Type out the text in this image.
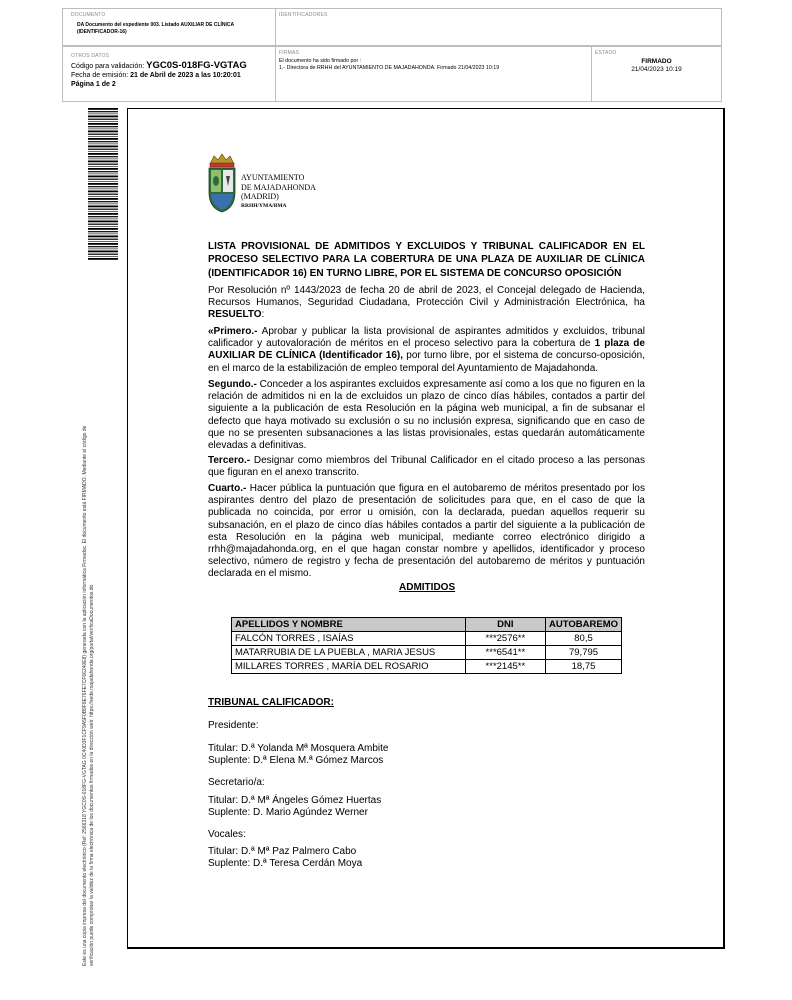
DOCUMENTO
DA Documento del expediente 003. Listado AUXILIAR DE CLÍNICA
(IDENTIFICADOR-16)
IDENTIFICADORES
OTROS DATOS
Código para validación: YGC0S-018FG-VGTAG
Fecha de emisión: 21 de Abril de 2023 a las 10:20:01
Página 1 de 2
FIRMAS
El documento ha sido firmado por :
1.- Directora de RRHH del AYUNTAMIENTO DE MAJADAHONDA. Firmado 21/04/2023 10:19
ESTADO
FIRMADO
21/04/2023 10:19
Este es una copia impresa del documento electrónico (Ref: 2566318 YGC0S-018FG-VGTAG 0C40D3F1CF9A5F0B9F8E76FE7CF66240E8) generada con la aplicación informática Firmadoc. El documento está FIRMADO. Mediante el código de verificación puede comprobar la validez de la firma electrónica de los documentos firmados en la dirección web: https://sede.majadahonda.org/portal/verificaDocumentos.do
AYUNTAMIENTO
DE MAJADAHONDA
(MADRID)
RRHH/YMA/BMA
LISTA PROVISIONAL DE ADMITIDOS Y EXCLUIDOS Y TRIBUNAL CALIFICADOR EN EL PROCESO SELECTIVO PARA LA COBERTURA DE UNA PLAZA DE AUXILIAR DE CLÍNICA (IDENTIFICADOR 16) EN TURNO LIBRE, POR EL SISTEMA DE CONCURSO OPOSICIÓN
Por Resolución nº 1443/2023 de fecha 20 de abril de 2023, el Concejal delegado de Hacienda, Recursos Humanos, Seguridad Ciudadana, Protección Civil y Administración Electrónica, ha RESUELTO:
«Primero.- Aprobar y publicar la lista provisional de aspirantes admitidos y excluidos, tribunal calificador y autovaloración de méritos en el proceso selectivo para la cobertura de 1 plaza de AUXILIAR DE CLÍNICA (Identificador 16), por turno libre, por el sistema de concurso-oposición, en el marco de la estabilización de empleo temporal del Ayuntamiento de Majadahonda.
Segundo.- Conceder a los aspirantes excluidos expresamente así como a los que no figuren en la relación de admitidos ni en la de excluidos un plazo de cinco días hábiles, contados a partir del siguiente a la publicación de esta Resolución en la página web municipal, a fin de subsanar el defecto que haya motivado su exclusión o su no inclusión expresa, significando que en caso de que no se presenten subsanaciones a las listas provisionales, estas quedarán automáticamente elevadas a definitivas.
Tercero.- Designar como miembros del Tribunal Calificador en el citado proceso a las personas que figuran en el anexo transcrito.
Cuarto.- Hacer pública la puntuación que figura en el autobaremo de méritos presentado por los aspirantes dentro del plazo de presentación de solicitudes para que, en el caso de que la publicada no coincida, por error u omisión, con la declarada, puedan aquellos requerir su subsanación, en el plazo de cinco días hábiles contados a partir del siguiente a la publicación de esta Resolución en la página web municipal, mediante correo electrónico dirigido a rrhh@majadahonda.org, en el que hagan constar nombre y apellidos, identificador y proceso selectivo, número de registro y fecha de presentación del autobaremo de méritos y puntuación declarada en el mismo.
ADMITIDOS
APELLIDOS Y NOMBRE	DNI	AUTOBAREMO
FALCÓN TORRES , ISAÍAS	***2576**	80,5
MATARRUBIA DE LA PUEBLA , MARIA JESUS	***6541**	79,795
MILLARES TORRES , MARÍA DEL ROSARIO	***2145**	18,75
TRIBUNAL CALIFICADOR:
Presidente:
Titular: D.ª Yolanda Mª Mosquera Ambite
Suplente: D.ª Elena M.ª Gómez Marcos
Secretario/a:
Titular: D.ª Mª Ángeles Gómez Huertas
Suplente: D. Mario Agúndez Werner
Vocales:
Titular: D.ª Mª Paz Palmero Cabo
Suplente: D.ª Teresa Cerdán Moya
